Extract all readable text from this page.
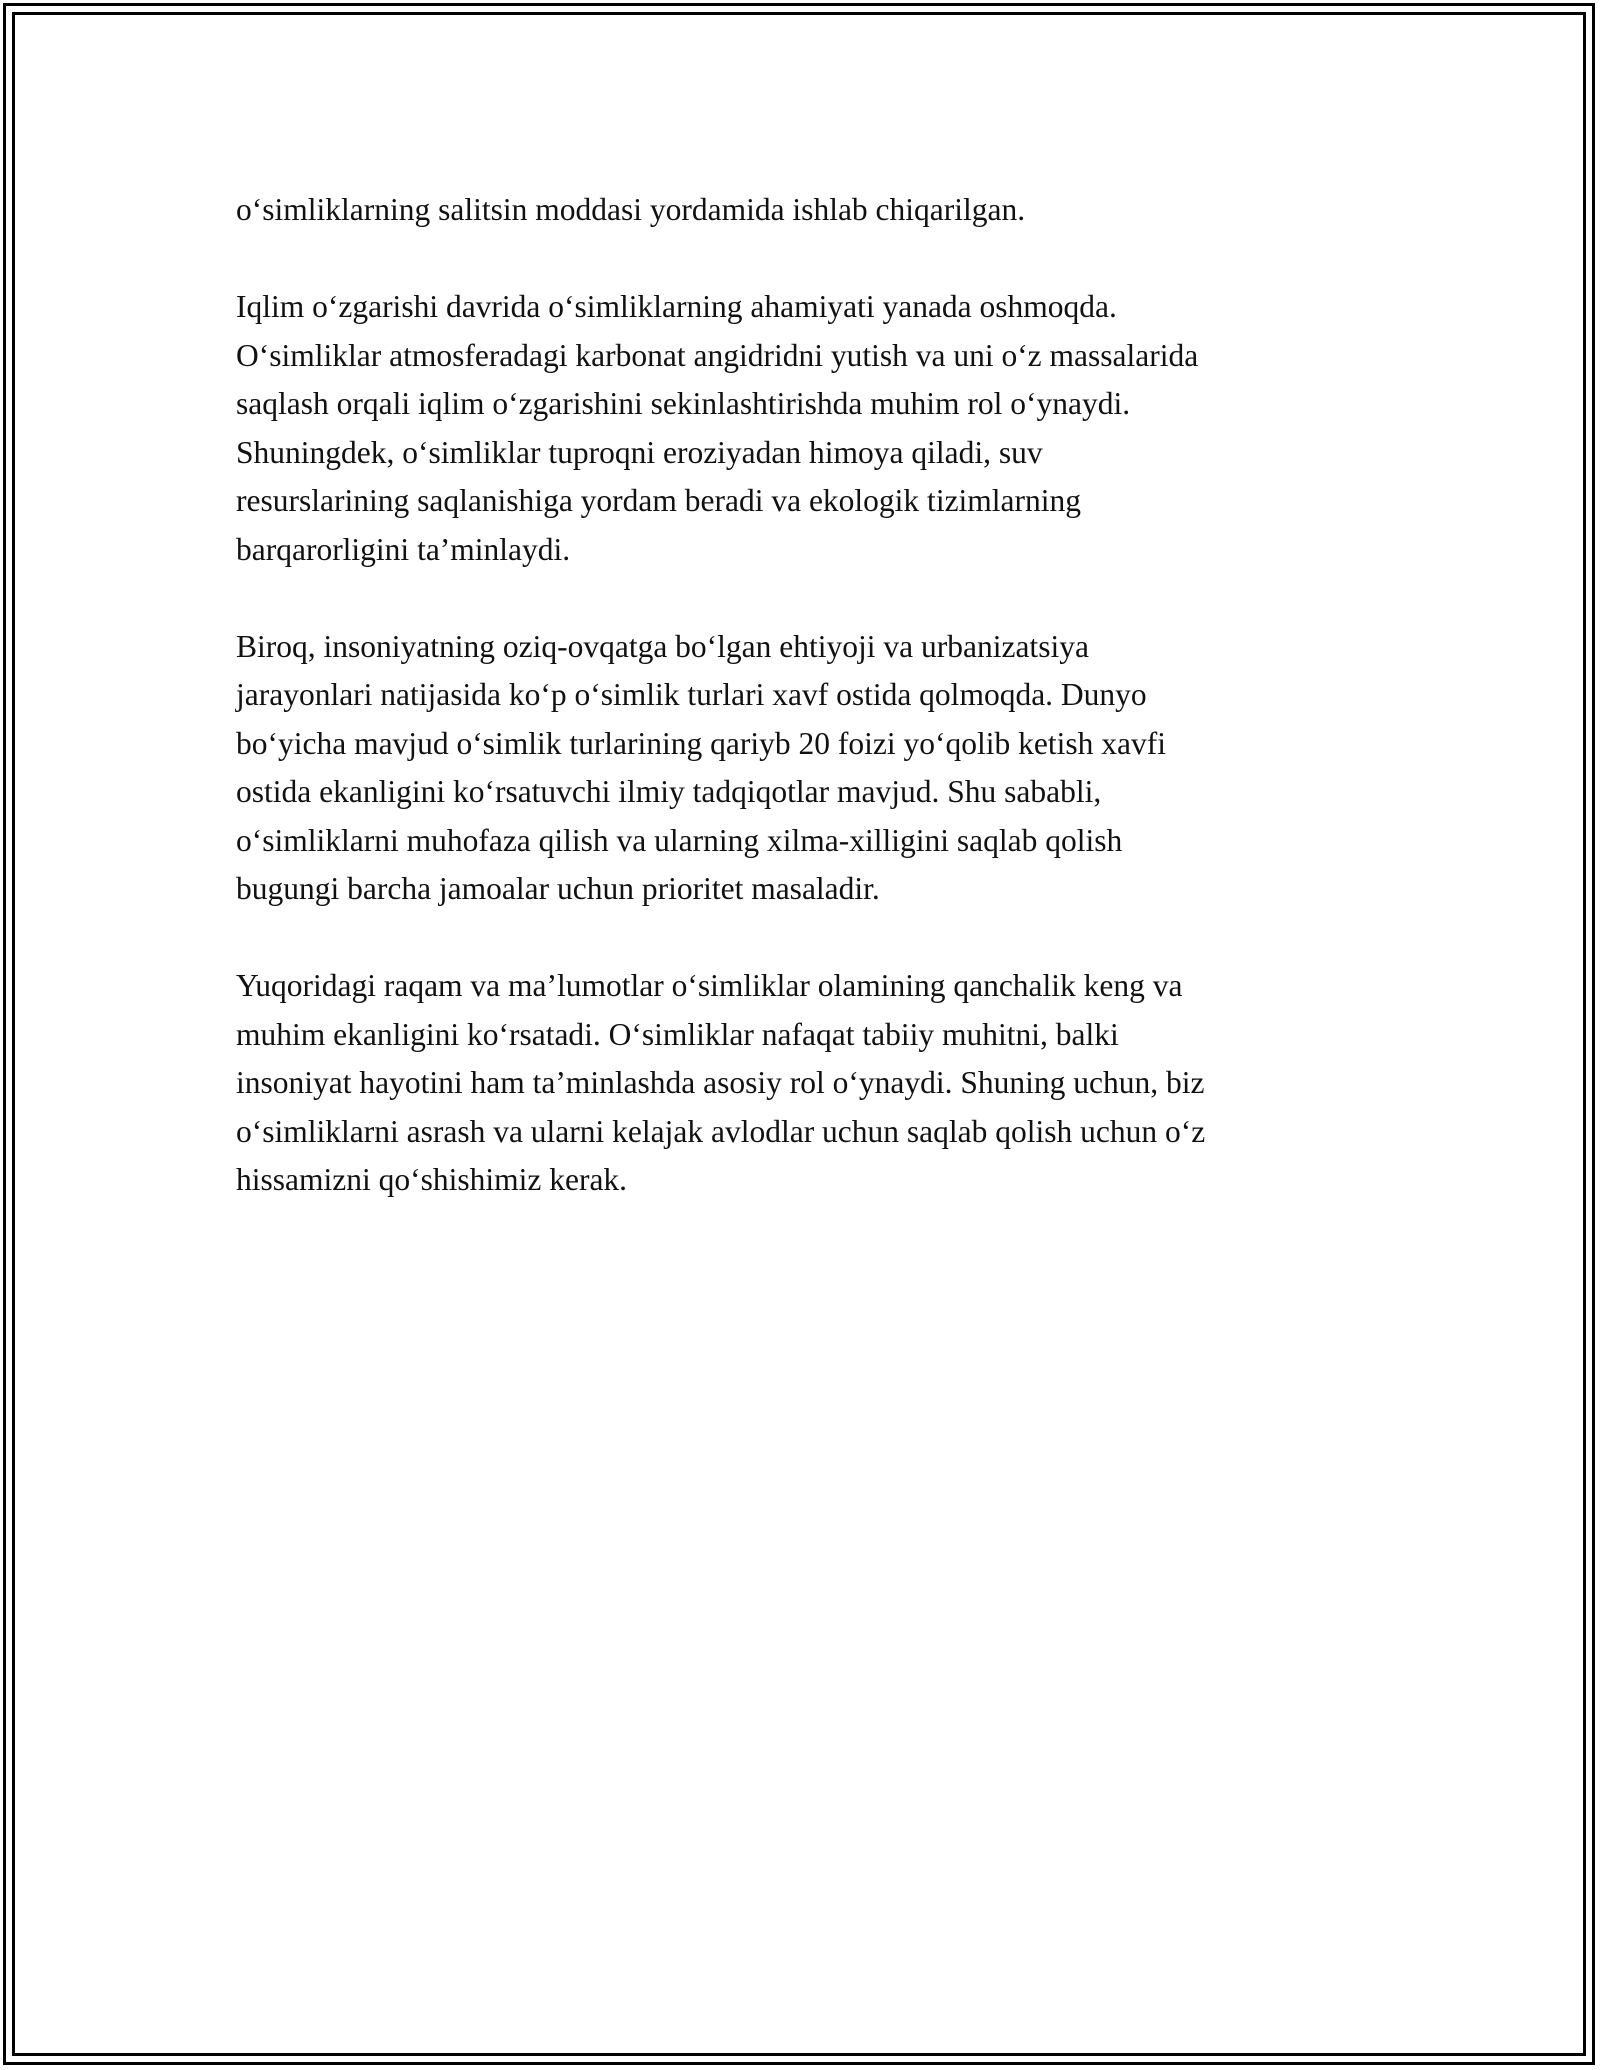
o‘simliklarning salitsin moddasi yordamida ishlab chiqarilgan.

Iqlim o‘zgarishi davrida o‘simliklarning ahamiyati yanada oshmoqda.
O‘simliklar atmosferadagi karbonat angidridni yutish va uni o‘z massalarida
saqlash orqali iqlim o‘zgarishini sekinlashtirishda muhim rol o‘ynaydi.
Shuningdek, o‘simliklar tuproqni eroziyadan himoya qiladi, suv
resurslarining saqlanishiga yordam beradi va ekologik tizimlarning
barqarorligini ta’minlaydi.

Biroq, insoniyatning oziq-ovqatga bo‘lgan ehtiyoji va urbanizatsiya
jarayonlari natijasida ko‘p o‘simlik turlari xavf ostida qolmoqda. Dunyo
bo‘yicha mavjud o‘simlik turlarining qariyb 20 foizi yo‘qolib ketish xavfi
ostida ekanligini ko‘rsatuvchi ilmiy tadqiqotlar mavjud. Shu sababli,
o‘simliklarni muhofaza qilish va ularning xilma-xilligini saqlab qolish
bugungi barcha jamoalar uchun prioritet masaladir.

Yuqoridagi raqam va ma’lumotlar o‘simliklar olamining qanchalik keng va
muhim ekanligini ko‘rsatadi. O‘simliklar nafaqat tabiiy muhitni, balki
insoniyat hayotini ham ta’minlashda asosiy rol o‘ynaydi. Shuning uchun, biz
o‘simliklarni asrash va ularni kelajak avlodlar uchun saqlab qolish uchun o‘z
hissamizni qo‘shishimiz kerak.
